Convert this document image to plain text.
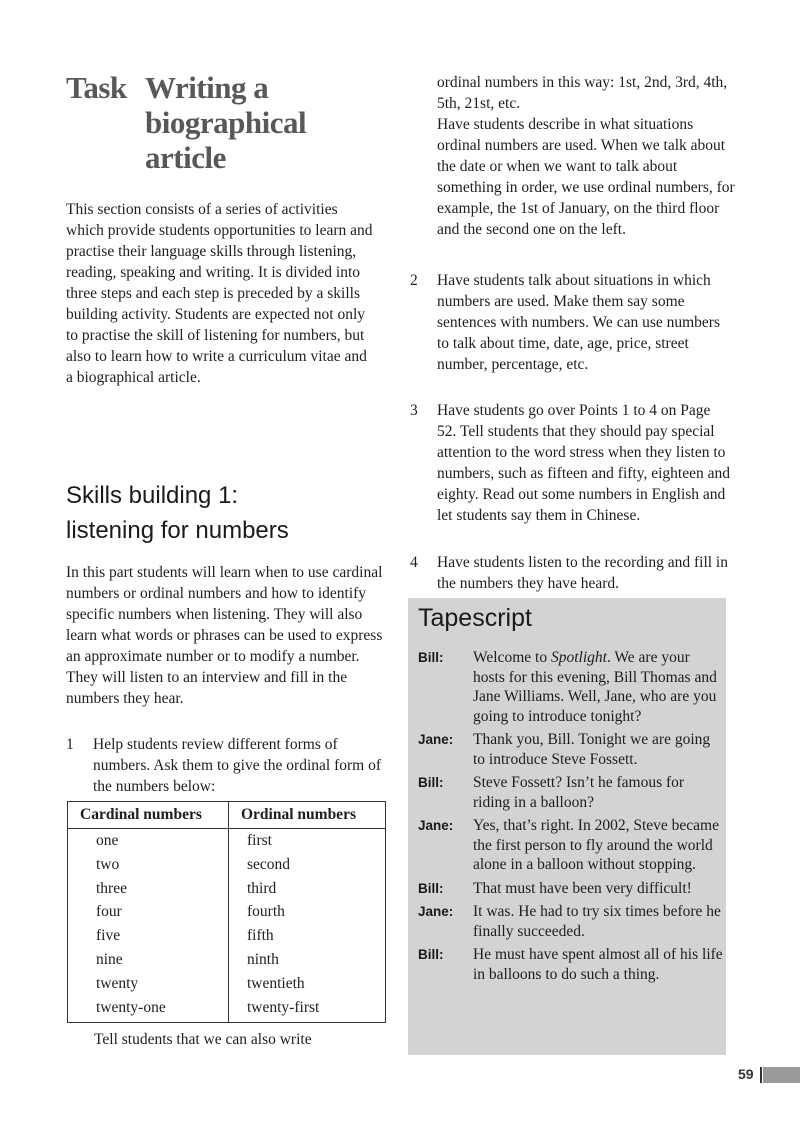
Task Writing a
biographical
article
This section consists of a series of activities which provide students opportunities to learn and practise their language skills through listening, reading, speaking and writing. It is divided into three steps and each step is preceded by a skills building activity. Students are expected not only to practise the skill of listening for numbers, but also to learn how to write a curriculum vitae and a biographical article.
Skills building 1:
listening for numbers
In this part students will learn when to use cardinal numbers or ordinal numbers and how to identify specific numbers when listening. They will also learn what words or phrases can be used to express an approximate number or to modify a number. They will listen to an interview and fill in the numbers they hear.
1 Help students review different forms of numbers. Ask them to give the ordinal form of the numbers below:
Cardinal numbers	Ordinal numbers
one	first
two	second
three	third
four	fourth
five	fifth
nine	ninth
twenty	twentieth
twenty-one	twenty-first
Tell students that we can also write
ordinal numbers in this way: 1st, 2nd, 3rd, 4th, 5th, 21st, etc.
Have students describe in what situations ordinal numbers are used. When we talk about the date or when we want to talk about something in order, we use ordinal numbers, for example, the 1st of January, on the third floor and the second one on the left.
2 Have students talk about situations in which numbers are used. Make them say some sentences with numbers. We can use numbers to talk about time, date, age, price, street number, percentage, etc.
3 Have students go over Points 1 to 4 on Page 52. Tell students that they should pay special attention to the word stress when they listen to numbers, such as fifteen and fifty, eighteen and eighty. Read out some numbers in English and let students say them in Chinese.
4 Have students listen to the recording and fill in the numbers they have heard.
Tapescript
Bill: Welcome to Spotlight. We are your hosts for this evening, Bill Thomas and Jane Williams. Well, Jane, who are you going to introduce tonight?
Jane: Thank you, Bill. Tonight we are going to introduce Steve Fossett.
Bill: Steve Fossett? Isn’t he famous for riding in a balloon?
Jane: Yes, that’s right. In 2002, Steve became the first person to fly around the world alone in a balloon without stopping.
Bill: That must have been very difficult!
Jane: It was. He had to try six times before he finally succeeded.
Bill: He must have spent almost all of his life in balloons to do such a thing.
59
